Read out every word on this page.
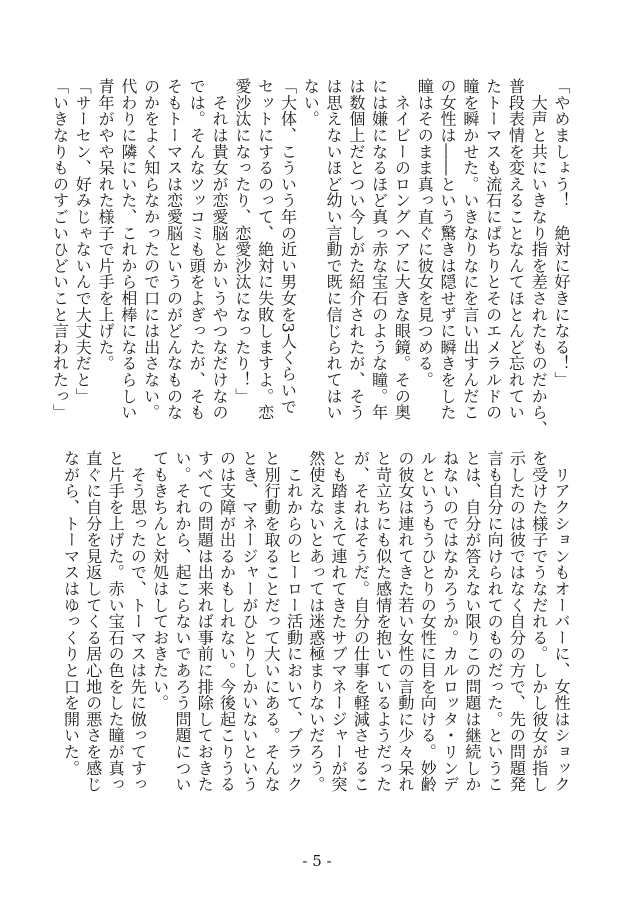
「やめましょう！　絶対に好きになる！」
　大声と共にいきなり指を差されたものだから、
普段表情を変えることなんてほとんど忘れてい
たトーマスも流石にぱちりとそのエメラルドの
瞳を瞬かせた。いきなりなにを言い出すんだこ
の女性は――という驚きは隠せずに瞬きをした
瞳はそのまま真っ直ぐに彼女を見つめる。
　ネイビーのロングヘアに大きな眼鏡。その奥
には嫌になるほど真っ赤な宝石のような瞳。年
は数個上だとつい今しがた紹介されたが、そう
は思えないほど幼い言動で既に信じられてはい
ない。
「大体、こういう年の近い男女を3人くらいで
セットにするのって、絶対に失敗しますよ。恋
愛沙汰になったり、恋愛沙汰になったり！」
　それは貴女が恋愛脳とかいうやつなだけなの
では。そんなツッコミも頭をよぎったが、そも
そもトーマスは恋愛脳というのがどんなものな
のかをよく知らなかったので口には出さない。
代わりに隣にいた、これから相棒になるらしい
青年がやや呆れた様子で片手を上げた。
「サーセン、好みじゃないんで大丈夫だと」
「いきなりものすごいひどいこと言われたっ」
　リアクションもオーバーに、女性はショック
を受けた様子でうなだれる。しかし彼女が指し
示したのは彼ではなく自分の方で、先の問題発
言も自分に向けられてのものだった。というこ
とは、自分が答えない限りこの問題は継続しか
ねないのではなかろうか。カルロッタ・リンデ
ルというもうひとりの女性に目を向ける。妙齢
の彼女は連れてきた若い女性の言動に少々呆れ
と苛立ちにも似た感情を抱いているようだった
が、それはそうだ。自分の仕事を軽減させるこ
とも踏まえて連れてきたサブマネージャーが突
然使えないとあっては迷惑極まりないだろう。
　これからのヒーロー活動において、ブラック
と別行動を取ることだって大いにある。そんな
とき、マネージャーがひとりしかいないという
のは支障が出るかもしれない。今後起こりうる
すべての問題は出来れば事前に排除しておきた
い。それから、起こらないであろう問題につい
てもきちんと対処はしておきたい。
　そう思ったので、トーマスは先に倣ってすっ
と片手を上げた。赤い宝石の色をした瞳が真っ
直ぐに自分を見返してくる居心地の悪さを感じ
ながら、トーマスはゆっくりと口を開いた。
- 5 -
